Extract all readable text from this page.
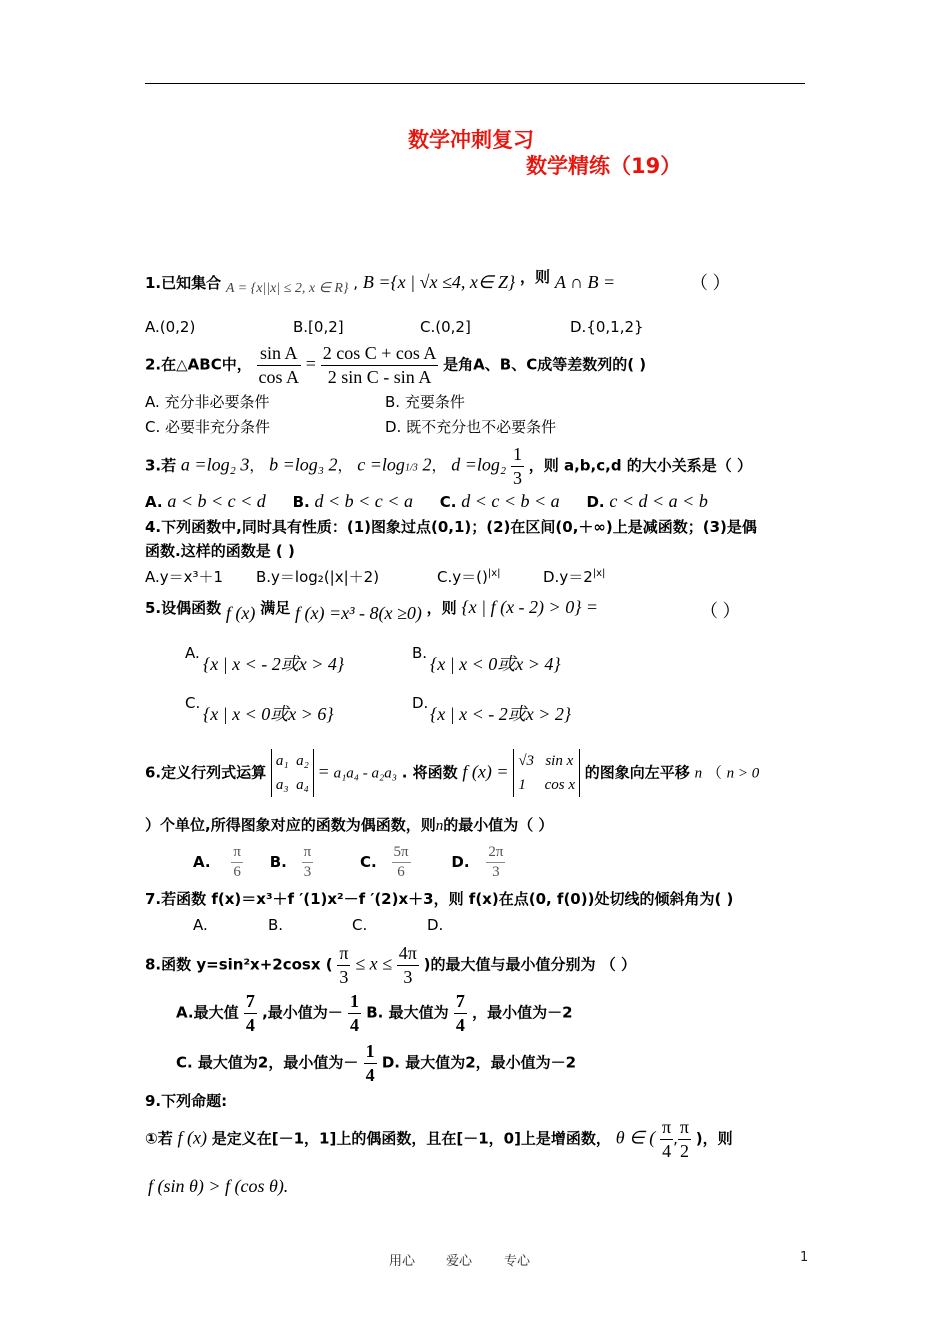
数学冲刺复习
数学精练（19）
1.已知集合 A = {x||x| ≤ 2, x ∈ R} , B ={x | √x ≤4, x∈ Z} ，则 A ∩ B =	（ ）
A.(0,2)	B.[0,2]	C.(0,2]	D.{0,1,2}
2.在△ABC中， $\frac{\text{sin A}}{\text{cos A}} = \frac{\text{2 cos C + cos A}}{\text{2 sin C - sin A}}$ 是角A、B、C成等差数列的( )
A. 充分非必要条件	B. 充要条件
C. 必要非充分条件	D. 既不充分也不必要条件
3.若 a =log₂ 3， b =log₃ 2， c =log1/3 2， $d =\log_2 \frac{1}{3}$ ，则 a,b,c,d 的大小关系是（ ）
A. a < b < c < d B. d < b < c < a C. d < c < b < a D. c < d < a < b
4.下列函数中,同时具有性质：(1)图象过点(0,1)；(2)在区间(0,＋∞)上是减函数；(3)是偶
函数.这样的函数是 ( )
A.y＝x³＋1 B.y＝log₂(|x|＋2)	C.y＝()$^{|x|}$	$D.y=2^{|x|}$
5.设偶函数 f (x) 满足 f (x) =x³ - 8(x ≥0) ，则 {x | f (x - 2) > 0} =	（ ）
A.
{x | x < - 2或x > 4}
B.
{x | x < 0或x > 4}
C.
{x | x < 0或x > 6}
D.
{x | x < - 2或x > 2}
6.定义行列式运算 a₁ a₂
a₃ a₄ = a₁a₄ - a₂a₃ . 将函数 f (x) = √3 sin x
1 cos x 的图象向左平移 n （ n > 0
）个单位,所得图象对应的函数为偶函数，则n的最小值为（ ）
A. $\frac{\pi}{6} B$. $\frac{\pi}{3}$	C. $\frac{5\pi}{6}$	D. $\frac{2\pi}{3}$
7.若函数 f(x)＝x³＋f ′(1)x²－f ′(2)x＋3，则 f(x)在点(0, f(0))处切线的倾斜角为( )
A.	B.	C.	D.
8.函数 y=sin²x+2cosx ( $\frac{\pi}{3} \le x \le \frac{4\pi}{3}$ )的最大值与最小值分别为 （ ）
A.最大值 $\frac{7}{4}$ ,最小值为－ $\frac{1}{4} B$. 最大值为 $\frac{7}{4}$ ，最小值为－2
C. 最大值为2，最小值为－ $\frac{1}{4} D$. 最大值为2，最小值为－2
9.下列命题:
①若 f (x) 是定义在[－1，1]上的偶函数，且在[－1，0]上是增函数， θ ∈ ( $\frac{\pi}{4}$ , $\frac{\pi}{2}$ )，则
f (sin θ) > f (cos θ).
用心 爱心 专心	1
